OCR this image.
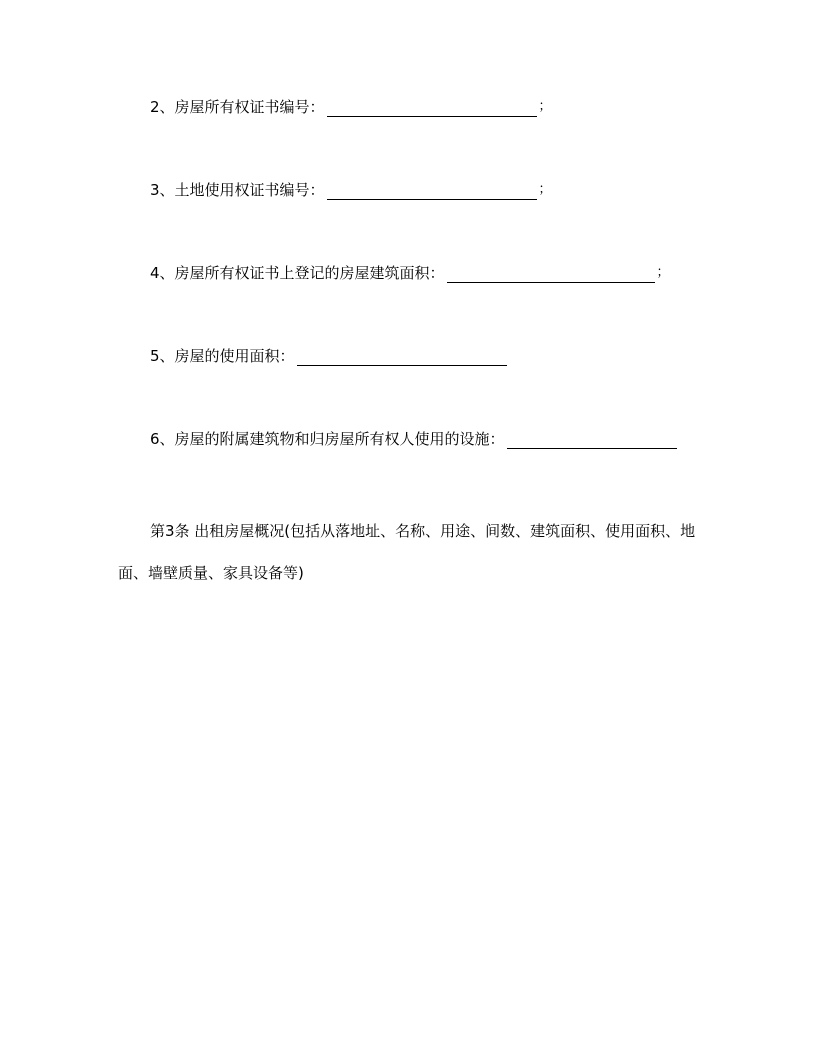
2、房屋所有权证书编号：	；
3、土地使用权证书编号：	；
4、房屋所有权证书上登记的房屋建筑面积：	；
5、房屋的使用面积：
6、房屋的附属建筑物和归房屋所有权人使用的设施：
第3条 出租房屋概况(包括从落地址、名称、用途、间数、建筑面积、使用面积、地面、墙壁质量、家具设备等)
